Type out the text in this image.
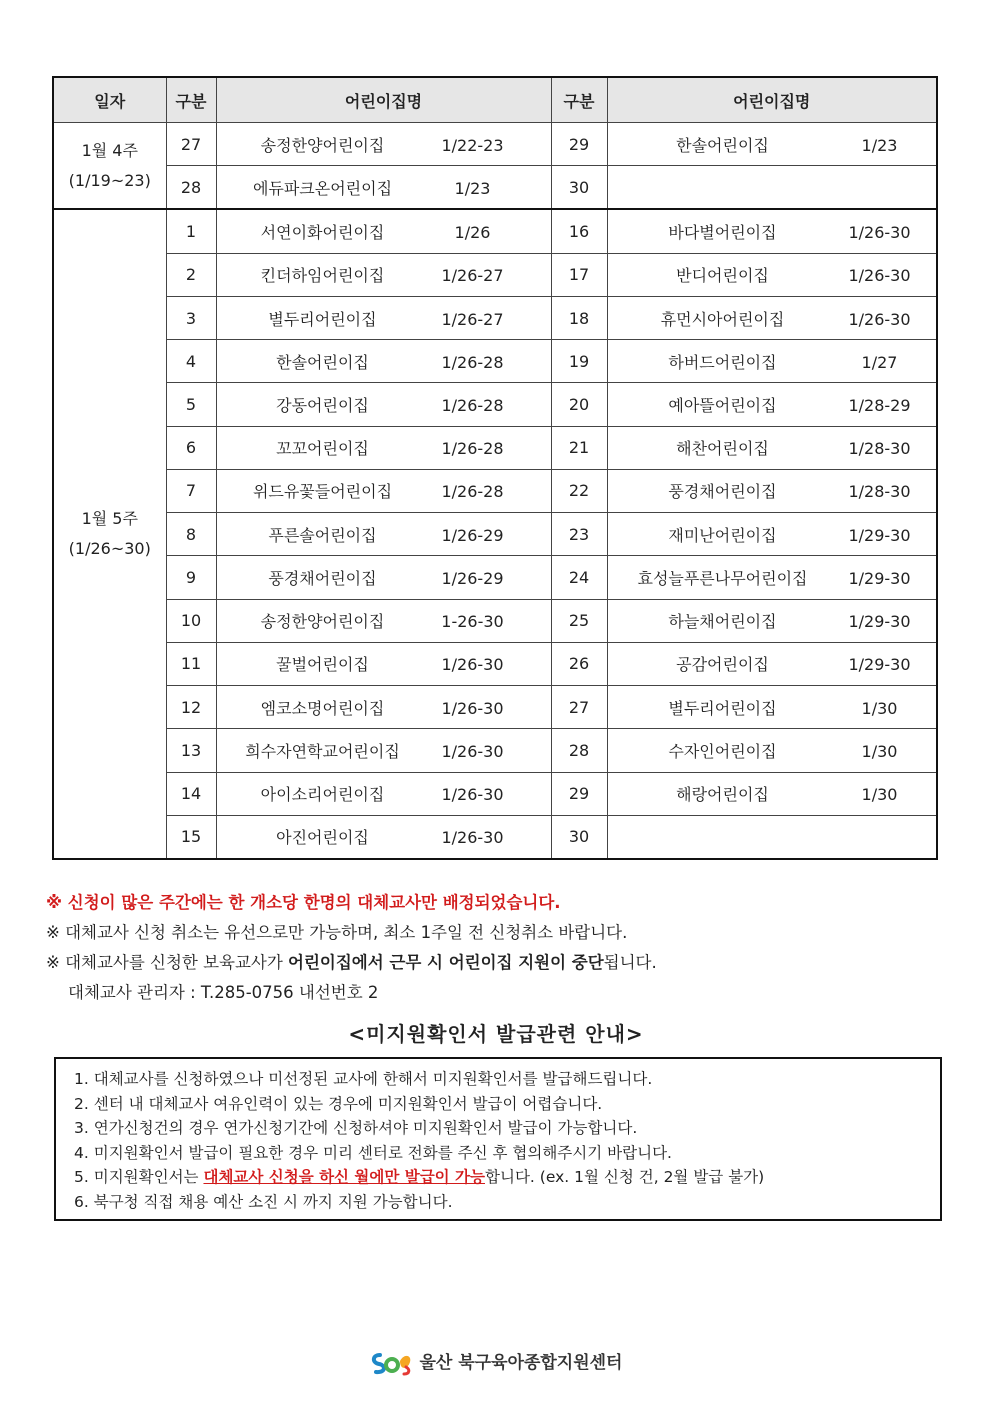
일자	구분	어린이집명	구분	어린이집명

1월 4주
(1/19~23)	27	송정한양어린이집 1/22-23	29	한솔어린이집 1/23
	28	에듀파크온어린이집 1/23	30	

1월 5주
(1/26~30)	1	서연이화어린이집 1/26	16	바다별어린이집 1/26-30
	2	킨더하임어린이집 1/26-27	17	반디어린이집 1/26-30
	3	별두리어린이집 1/26-27	18	휴먼시아어린이집 1/26-30
	4	한솔어린이집 1/26-28	19	하버드어린이집 1/27
	5	강동어린이집 1/26-28	20	예아뜰어린이집 1/28-29
	6	꼬꼬어린이집 1/26-28	21	해찬어린이집 1/28-30
	7	위드유꽃들어린이집 1/26-28	22	풍경채어린이집 1/28-30
	8	푸른솔어린이집 1/26-29	23	재미난어린이집 1/29-30
	9	풍경채어린이집 1/26-29	24	효성늘푸른나무어린이집 1/29-30
	10	송정한양어린이집 1-26-30	25	하늘채어린이집 1/29-30
	11	꿀벌어린이집 1/26-30	26	공감어린이집 1/29-30
	12	엠코소명어린이집 1/26-30	27	별두리어린이집 1/30
	13	희수자연학교어린이집 1/26-30	28	수자인어린이집 1/30
	14	아이소리어린이집 1/26-30	29	해랑어린이집 1/30
	15	아진어린이집 1/26-30	30	
※ 신청이 많은 주간에는 한 개소당 한명의 대체교사만 배정되었습니다.
※ 대체교사 신청 취소는 유선으로만 가능하며, 최소 1주일 전 신청취소 바랍니다.
※ 대체교사를 신청한 보육교사가 어린이집에서 근무 시 어린이집 지원이 중단됩니다.
대체교사 관리자 : T.285-0756 내선번호 2
<미지원확인서 발급관련 안내>
1. 대체교사를 신청하였으나 미선정된 교사에 한해서 미지원확인서를 발급해드립니다.
2. 센터 내 대체교사 여유인력이 있는 경우에 미지원확인서 발급이 어렵습니다.
3. 연가신청건의 경우 연가신청기간에 신청하셔야 미지원확인서 발급이 가능합니다.
4. 미지원확인서 발급이 필요한 경우 미리 센터로 전화를 주신 후 협의해주시기 바랍니다.
5. 미지원확인서는 대체교사 신청을 하신 월에만 발급이 가능합니다. (ex. 1월 신청 건, 2월 발급 불가)
6. 북구청 직접 채용 예산 소진 시 까지 지원 가능합니다.
울산 북구육아종합지원센터
